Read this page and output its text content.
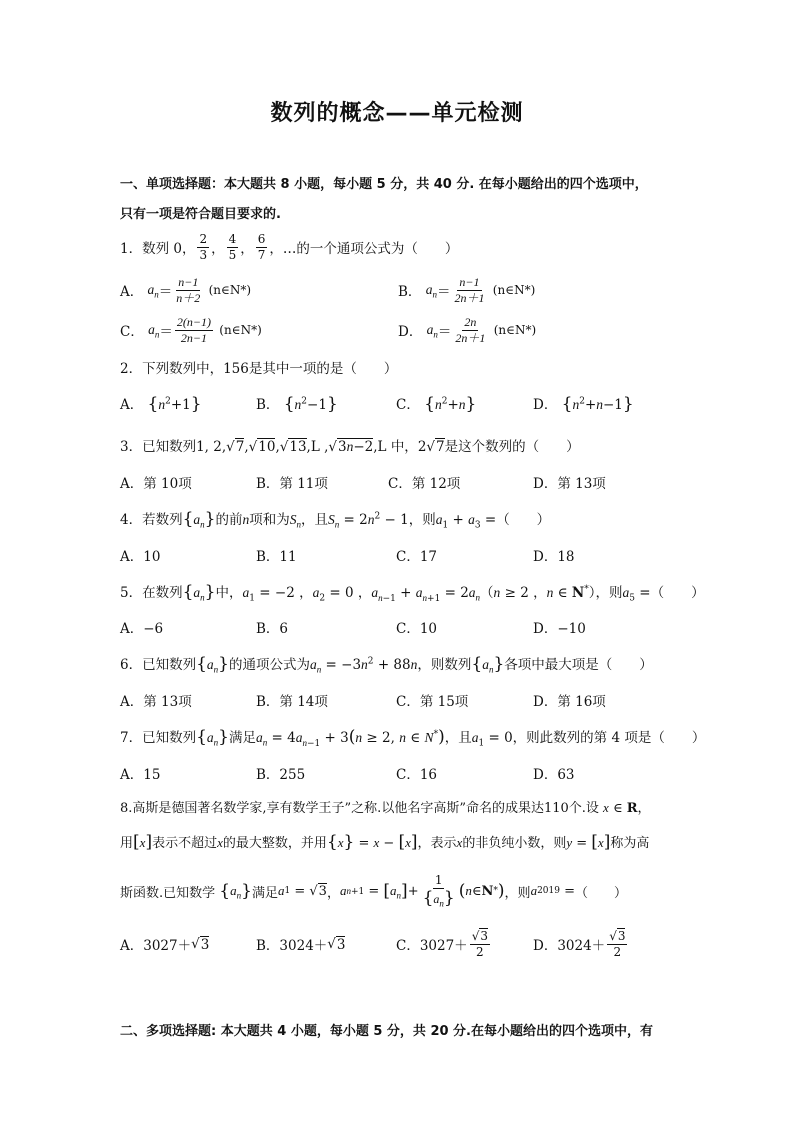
数列的概念——单元检测
一、单项选择题：本大题共 8 小题，每小题 5 分，共 40 分. 在每小题给出的四个选项中，
只有一项是符合题目要求的.
1． 数列 0， $\frac{2}{3}$ ， $\frac{4}{5}$ ， $\frac{6}{7}$ ，…的一个通项公式为（　　）
A．
$a_n = \frac{n-1}{n+2}$
(n∈N*)	B．
$a_n = \frac{n-1}{2n+1}$
(n∈N*)
C．
$a_n = \frac{2(n-1)}{2n-1}$
(n∈N*)	D．
$a_n = \frac{2n}{2n+1}$
(n∈N*)
2．下列数列中，156是其中一项的是（　　）
A． $\{n^2+1\}$	B． $\{n^2-1\}$	C． $\{n^2+n\}$	D． $\{n^2+n-1\}$
3．已知数列1, 2, √ 7, √ 10, √ 13,L , √ 3n−2,L 中，2 √ 7是这个数列的（　　）
A．第 10项	B．第 11项	C．第 12项	D．第 13项
4．若数列$\{a_n\}$的前n项和为$S_n$，且$S_n = 2n^2 - 1$，则$a_1 + a_3$ =（　　）
A．10	B．11	C．17	D．18
5．在数列$\{a_n\}$中，$a_1 = -2$ ，$a_2 = 0$ ，$a_{n-1} + a_{n+1} = 2a_n(n \ge 2$ ，n ∈ N*），则$a_5$ =（　　）
A．−6	B．6	C．10	D．−10
6．已知数列$\{a_n\}$的通项公式为$a_n = -3n^2 + 88n$，则数列$\{a_n\}$各项中最大项是（　　）
A．第 13项	B．第 14项	C．第 15项	D．第 16项
7．已知数列$\{a_n\}$满足$a_n = 4a_{n-1} + 3(n \ge 2$, n ∈ N*)，且$a_1 = 0$，则此数列的第 4 项是（　　）
A．15	B．255	C．16	D．63
8.高斯是德国著名数学家,享有数学王子”之称.以他名字高斯”命名的成果达110个.设 x ∈ R，
用[x]表示不超过x的最大整数，并用{x} = x − [x]，表示x的非负纯小数，则y = [x]称为高
斯函数.已知数学
{ $a_n$ } 满足 a 1 = √ 3 ， a n+1 = [ $a_n$ ] + $\frac{1}{\{a_n\}}$ ( n ∈ N * ) ，则 a 2019 = （　　）
A．3027＋ √ 3	B．3024＋ √ 3	C．3027＋ √ $\frac{3}{2}$	D．3024＋ √ $\frac{3}{2}$
二、多项选择题: 本大题共 4 小题，每小题 5 分，共 20 分.在每小题给出的四个选项中，有
